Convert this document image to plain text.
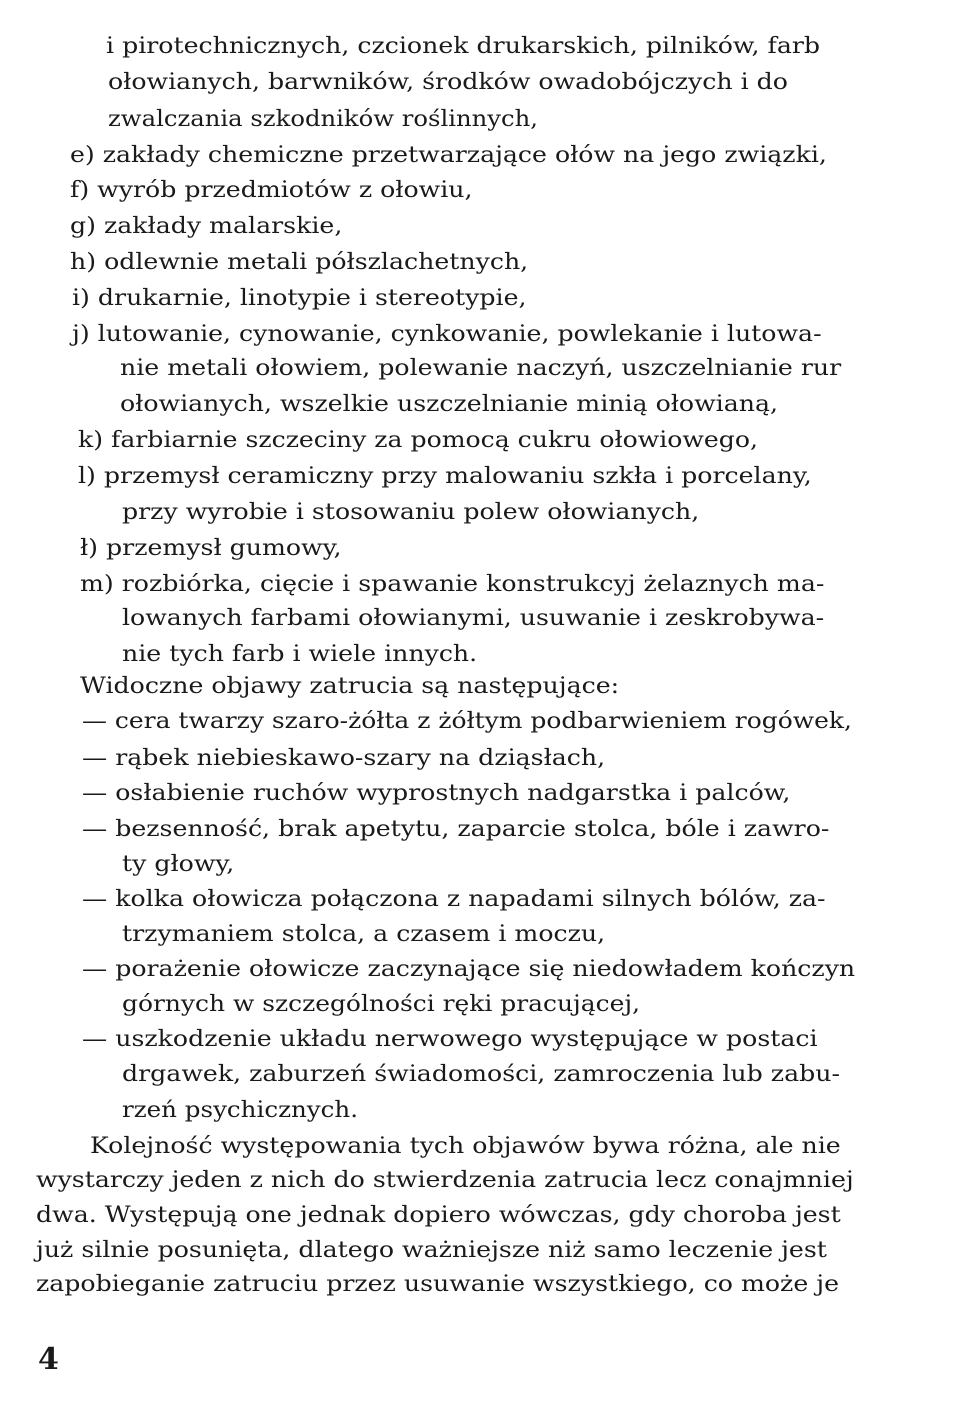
i pirotechnicznych, czcionek drukarskich, pilników, farb
ołowianych, barwników, środków owadobójczych i do
zwalczania szkodników roślinnych,
e) zakłady chemiczne przetwarzające ołów na jego związki,
f) wyrób przedmiotów z ołowiu,
g) zakłady malarskie,
h) odlewnie metali półszlachetnych,
i) drukarnie, linotypie i stereotypie,
j) lutowanie, cynowanie, cynkowanie, powlekanie i lutowa-
nie metali ołowiem, polewanie naczyń, uszczelnianie rur
ołowianych, wszelkie uszczelnianie minią ołowianą,
k) farbiarnie szczeciny za pomocą cukru ołowiowego,
l) przemysł ceramiczny przy malowaniu szkła i porcelany,
przy wyrobie i stosowaniu polew ołowianych,
ł) przemysł gumowy,
m) rozbiórka, cięcie i spawanie konstrukcyj żelaznych ma-
lowanych farbami ołowianymi, usuwanie i zeskrobywa-
nie tych farb i wiele innych.
Widoczne objawy zatrucia są następujące:
— cera twarzy szaro-żółta z żółtym podbarwieniem rogówek,
— rąbek niebieskawo-szary na dziąsłach,
— osłabienie ruchów wyprostnych nadgarstka i palców,
— bezsenność, brak apetytu, zaparcie stolca, bóle i zawro-
ty głowy,
— kolka ołowicza połączona z napadami silnych bólów, za-
trzymaniem stolca, a czasem i moczu,
— porażenie ołowicze zaczynające się niedowładem kończyn
górnych w szczególności ręki pracującej,
— uszkodzenie układu nerwowego występujące w postaci
drgawek, zaburzeń świadomości, zamroczenia lub zabu-
rzeń psychicznych.
Kolejność występowania tych objawów bywa różna, ale nie
wystarczy jeden z nich do stwierdzenia zatrucia lecz conajmniej
dwa. Występują one jednak dopiero wówczas, gdy choroba jest
już silnie posunięta, dlatego ważniejsze niż samo leczenie jest
zapobieganie zatruciu przez usuwanie wszystkiego, co może je
4
